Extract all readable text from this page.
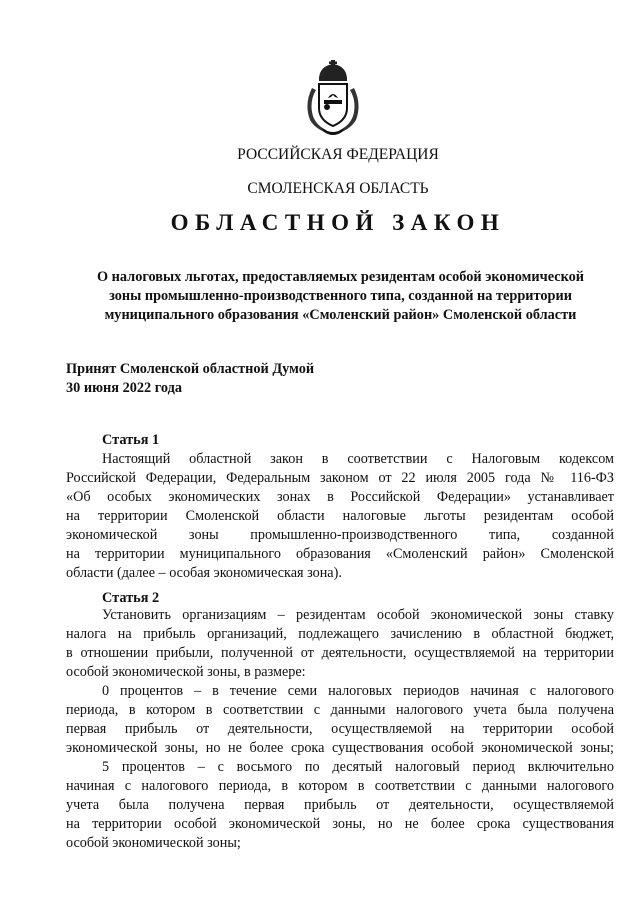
РОССИЙСКАЯ ФЕДЕРАЦИЯ

СМОЛЕНСКАЯ ОБЛАСТЬ

ОБЛАСТНОЙ ЗАКОН

О налоговых льготах, предоставляемых резидентам особой экономической
зоны промышленно-производственного типа, созданной на территории
муниципального образования «Смоленский район» Смоленской области
Принят Смоленской областной Думой
30 июня 2022 года
Статья 1
Настоящий областной закон в соответствии с Налоговым кодексом
Российской Федерации, Федеральным законом от 22 июля 2005 года № 116-ФЗ
«Об особых экономических зонах в Российской Федерации» устанавливает
на территории Смоленской области налоговые льготы резидентам особой
экономической зоны промышленно-производственного типа, созданной
на территории муниципального образования «Смоленский район» Смоленской
области (далее – особая экономическая зона).
Статья 2
Установить организациям – резидентам особой экономической зоны ставку
налога на прибыль организаций, подлежащего зачислению в областной бюджет,
в отношении прибыли, полученной от деятельности, осуществляемой на территории
особой экономической зоны, в размере:
0 процентов – в течение семи налоговых периодов начиная с налогового
периода, в котором в соответствии с данными налогового учета была получена
первая прибыль от деятельности, осуществляемой на территории особой
экономической зоны, но не более срока существования особой экономической зоны;
5 процентов – с восьмого по десятый налоговый период включительно
начиная с налогового периода, в котором в соответствии с данными налогового
учета была получена первая прибыль от деятельности, осуществляемой
на территории особой экономической зоны, но не более срока существования
особой экономической зоны;
